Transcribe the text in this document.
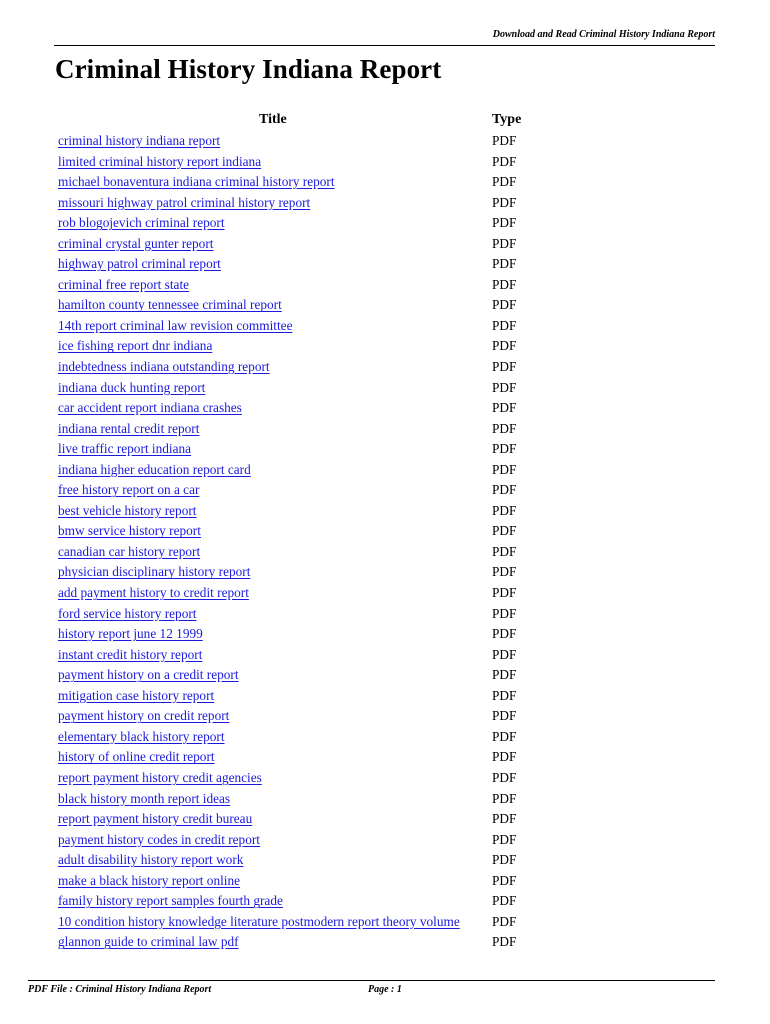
Download and Read Criminal History Indiana Report
Criminal History Indiana Report
Title	Type
criminal history indiana report	PDF
limited criminal history report indiana	PDF
michael bonaventura indiana criminal history report	PDF
missouri highway patrol criminal history report	PDF
rob blogojevich criminal report	PDF
criminal crystal gunter report	PDF
highway patrol criminal report	PDF
criminal free report state	PDF
hamilton county tennessee criminal report	PDF
14th report criminal law revision committee	PDF
ice fishing report dnr indiana	PDF
indebtedness indiana outstanding report	PDF
indiana duck hunting report	PDF
car accident report indiana crashes	PDF
indiana rental credit report	PDF
live traffic report indiana	PDF
indiana higher education report card	PDF
free history report on a car	PDF
best vehicle history report	PDF
bmw service history report	PDF
canadian car history report	PDF
physician disciplinary history report	PDF
add payment history to credit report	PDF
ford service history report	PDF
history report june 12 1999	PDF
instant credit history report	PDF
payment history on a credit report	PDF
mitigation case history report	PDF
payment history on credit report	PDF
elementary black history report	PDF
history of online credit report	PDF
report payment history credit agencies	PDF
black history month report ideas	PDF
report payment history credit bureau	PDF
payment history codes in credit report	PDF
adult disability history report work	PDF
make a black history report online	PDF
family history report samples fourth grade	PDF
10 condition history knowledge literature postmodern report theory volume PDF
glannon guide to criminal law pdf	PDF
PDF File : Criminal History Indiana Report	Page : 1
